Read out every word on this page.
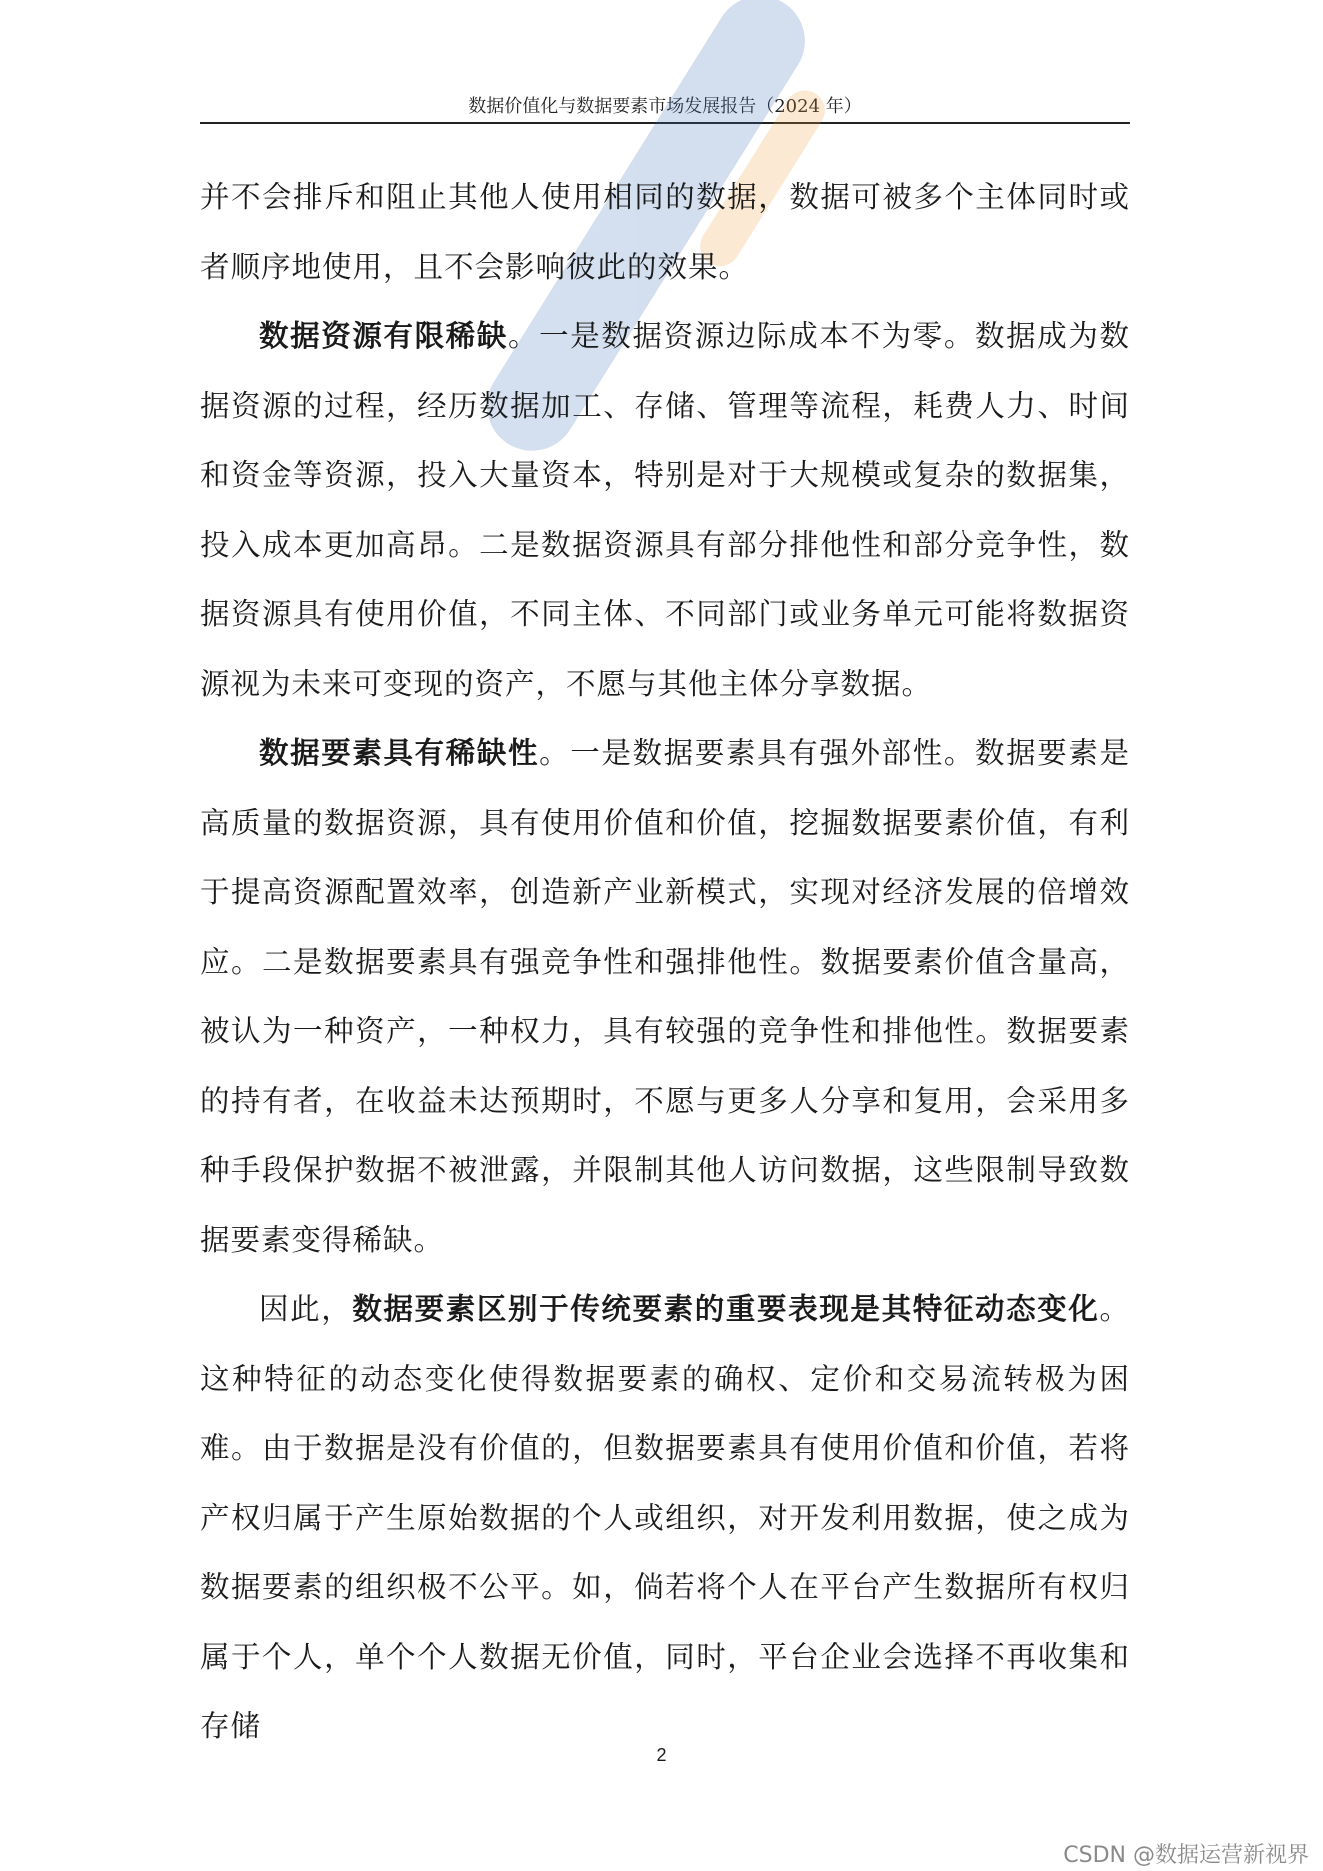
数据价值化与数据要素市场发展报告（2024 年）

并不会排斥和阻止其他人使用相同的数据，数据可被多个主体同时或者顺序地使用，且不会影响彼此的效果。

数据资源有限稀缺。一是数据资源边际成本不为零。数据成为数据资源的过程，经历数据加工、存储、管理等流程，耗费人力、时间和资金等资源，投入大量资本，特别是对于大规模或复杂的数据集，投入成本更加高昂。二是数据资源具有部分排他性和部分竞争性，数据资源具有使用价值，不同主体、不同部门或业务单元可能将数据资源视为未来可变现的资产，不愿与其他主体分享数据。

数据要素具有稀缺性。一是数据要素具有强外部性。数据要素是高质量的数据资源，具有使用价值和价值，挖掘数据要素价值，有利于提高资源配置效率，创造新产业新模式，实现对经济发展的倍增效应。二是数据要素具有强竞争性和强排他性。数据要素价值含量高，被认为一种资产，一种权力，具有较强的竞争性和排他性。数据要素的持有者，在收益未达预期时，不愿与更多人分享和复用，会采用多种手段保护数据不被泄露，并限制其他人访问数据，这些限制导致数据要素变得稀缺。

因此，数据要素区别于传统要素的重要表现是其特征动态变化。这种特征的动态变化使得数据要素的确权、定价和交易流转极为困难。由于数据是没有价值的，但数据要素具有使用价值和价值，若将产权归属于产生原始数据的个人或组织，对开发利用数据，使之成为数据要素的组织极不公平。如，倘若将个人在平台产生数据所有权归属于个人，单个个人数据无价值，同时，平台企业会选择不再收集和存储

2
CSDN @数据运营新视界
